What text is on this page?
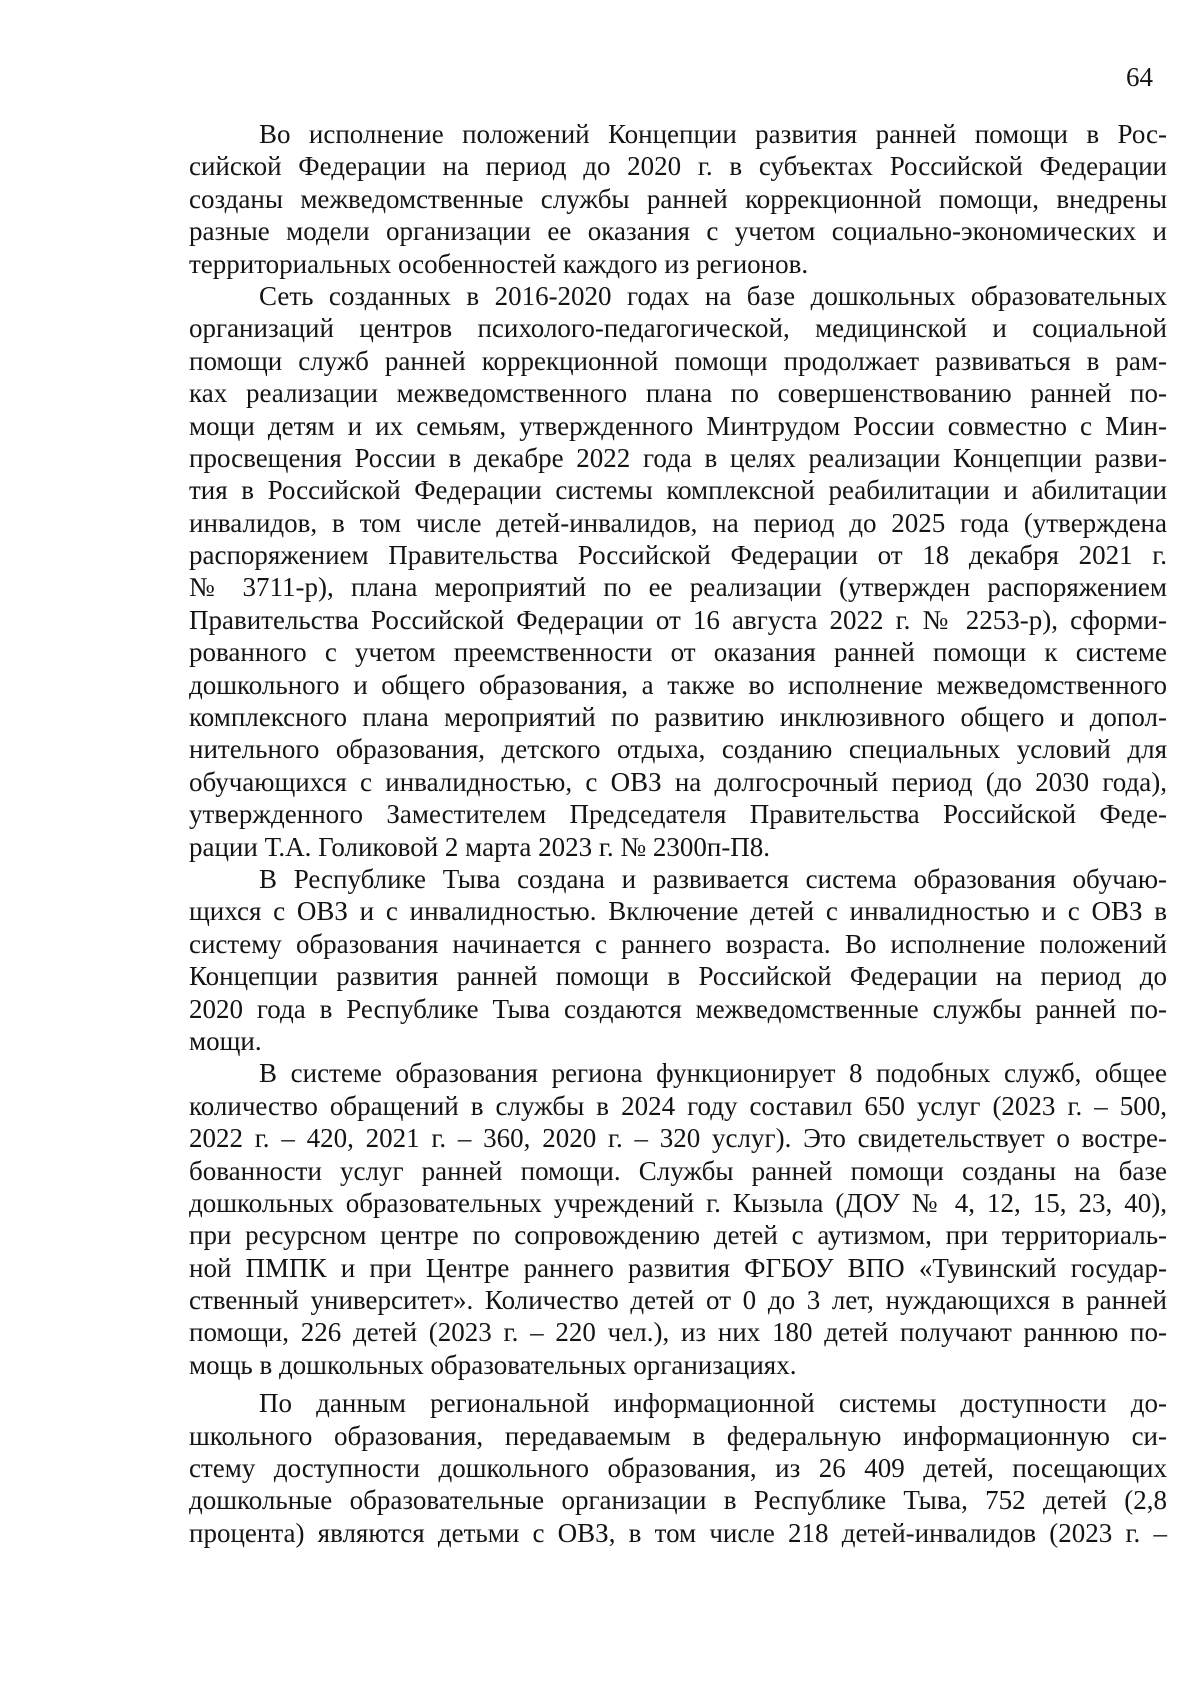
64
Во исполнение положений Концепции развития ранней помощи в Рос-
сийской Федерации на период до 2020 г. в субъектах Российской Федерации
созданы межведомственные службы ранней коррекционной помощи, внедрены
разные модели организации ее оказания с учетом социально-экономических и
территориальных особенностей каждого из регионов.
Сеть созданных в 2016-2020 годах на базе дошкольных образовательных
организаций центров психолого-педагогической, медицинской и социальной
помощи служб ранней коррекционной помощи продолжает развиваться в рам-
ках реализации межведомственного плана по совершенствованию ранней по-
мощи детям и их семьям, утвержденного Минтрудом России совместно с Мин-
просвещения России в декабре 2022 года в целях реализации Концепции разви-
тия в Российской Федерации системы комплексной реабилитации и абилитации
инвалидов, в том числе детей-инвалидов, на период до 2025 года (утверждена
распоряжением Правительства Российской Федерации от 18 декабря 2021 г.
№ 3711-р), плана мероприятий по ее реализации (утвержден распоряжением
Правительства Российской Федерации от 16 августа 2022 г. № 2253-р), сформи-
рованного с учетом преемственности от оказания ранней помощи к системе
дошкольного и общего образования, а также во исполнение межведомственного
комплексного плана мероприятий по развитию инклюзивного общего и допол-
нительного образования, детского отдыха, созданию специальных условий для
обучающихся с инвалидностью, с ОВЗ на долгосрочный период (до 2030 года),
утвержденного Заместителем Председателя Правительства Российской Феде-
рации Т.А. Голиковой 2 марта 2023 г. № 2300п-П8.
В Республике Тыва создана и развивается система образования обучаю-
щихся с ОВЗ и с инвалидностью. Включение детей с инвалидностью и с ОВЗ в
систему образования начинается с раннего возраста. Во исполнение положений
Концепции развития ранней помощи в Российской Федерации на период до
2020 года в Республике Тыва создаются межведомственные службы ранней по-
мощи.
В системе образования региона функционирует 8 подобных служб, общее
количество обращений в службы в 2024 году составил 650 услуг (2023 г. – 500,
2022 г. – 420, 2021 г. – 360, 2020 г. – 320 услуг). Это свидетельствует о востре-
бованности услуг ранней помощи. Службы ранней помощи созданы на базе
дошкольных образовательных учреждений г. Кызыла (ДОУ № 4, 12, 15, 23, 40),
при ресурсном центре по сопровождению детей с аутизмом, при территориаль-
ной ПМПК и при Центре раннего развития ФГБОУ ВПО «Тувинский государ-
ственный университет». Количество детей от 0 до 3 лет, нуждающихся в ранней
помощи, 226 детей (2023 г. – 220 чел.), из них 180 детей получают раннюю по-
мощь в дошкольных образовательных организациях.
По данным региональной информационной системы доступности до-
школьного образования, передаваемым в федеральную информационную си-
стему доступности дошкольного образования, из 26 409 детей, посещающих
дошкольные образовательные организации в Республике Тыва, 752 детей (2,8
процента) являются детьми с ОВЗ, в том числе 218 детей-инвалидов (2023 г. –
